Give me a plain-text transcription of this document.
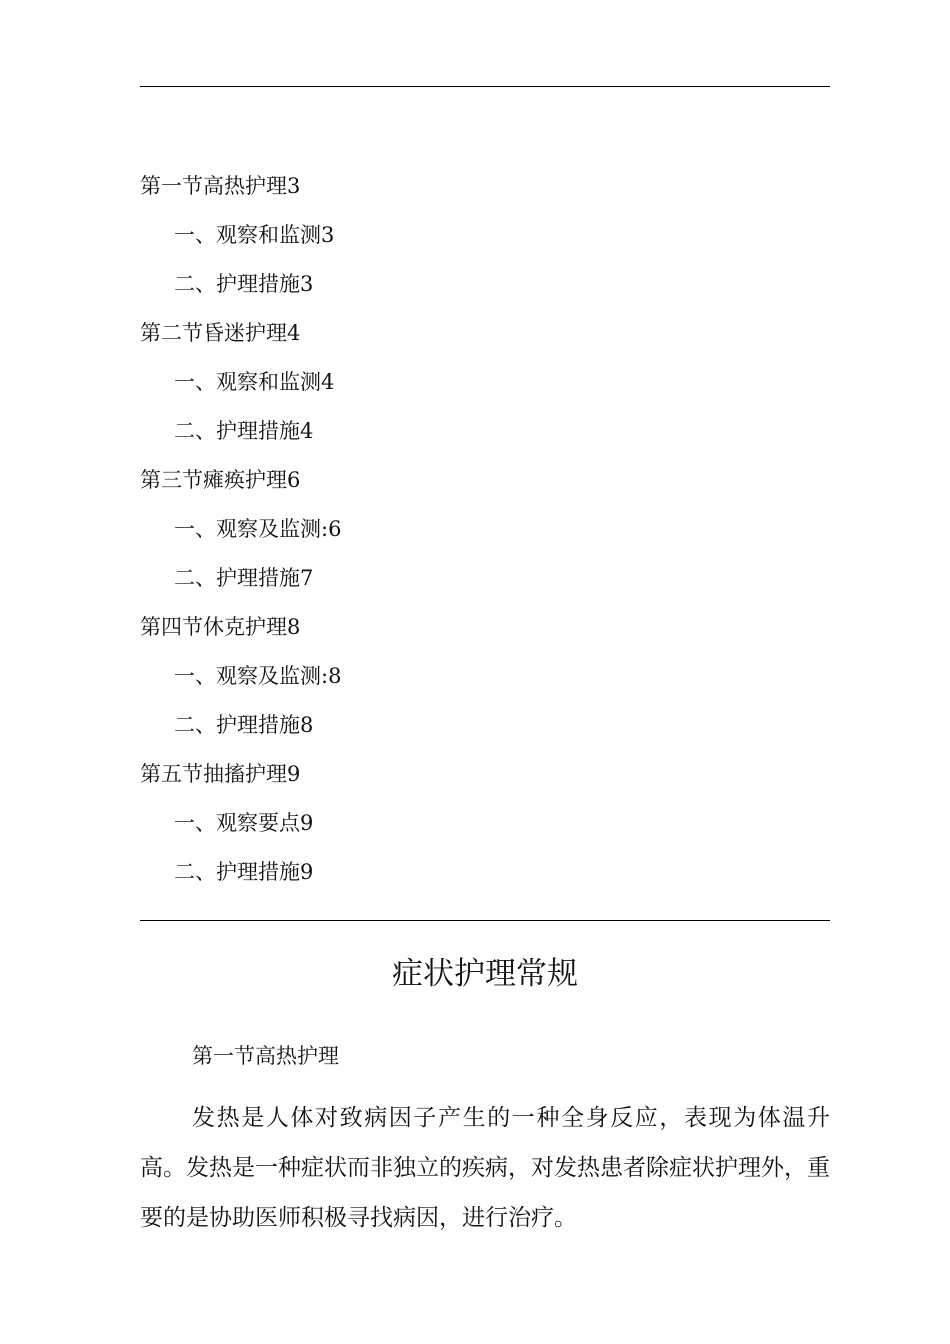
第一节高热护理3
一、观察和监测3
二、护理措施3
第二节昏迷护理4
一、观察和监测4
二、护理措施4
第三节瘫痪护理6
一、观察及监测:6
二、护理措施7
第四节休克护理8
一、观察及监测:8
二、护理措施8
第五节抽搐护理9
一、观察要点9
二、护理措施9
症状护理常规
第一节高热护理

发热是人体对致病因子产生的一种全身反应，表现为体温升高。发热是一种症状而非独立的疾病，对发热患者除症状护理外，重要的是协助医师积极寻找病因，进行治疗。
